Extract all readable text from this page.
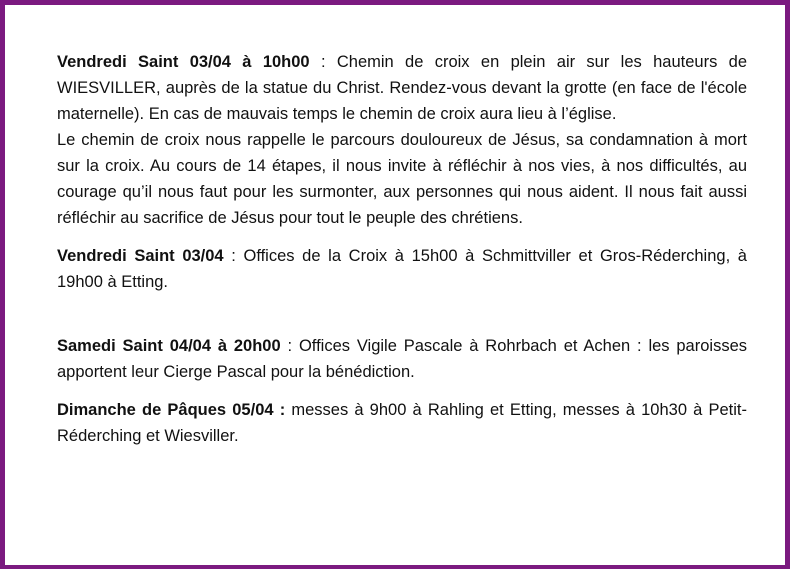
Vendredi Saint 03/04 à 10h00 : Chemin de croix en plein air sur les hauteurs de WIESVILLER, auprès de la statue du Christ. Rendez-vous devant la grotte (en face de l'école maternelle). En cas de mauvais temps le chemin de croix aura lieu à l’église.

Le chemin de croix nous rappelle le parcours douloureux de Jésus, sa condamnation à mort sur la croix. Au cours de 14 étapes, il nous invite à réfléchir à nos vies, à nos difficultés, au courage qu’il nous faut pour les surmonter, aux personnes qui nous aident. Il nous fait aussi réfléchir au sacrifice de Jésus pour tout le peuple des chrétiens.

Vendredi Saint 03/04 : Offices de la Croix à 15h00 à Schmittviller et Gros-Réderching, à 19h00 à Etting.

Samedi Saint 04/04 à 20h00 : Offices Vigile Pascale à Rohrbach et Achen : les paroisses apportent leur Cierge Pascal pour la bénédiction.

Dimanche de Pâques 05/04 : messes à 9h00 à Rahling et Etting, messes à 10h30 à Petit-Réderching et Wiesviller.
